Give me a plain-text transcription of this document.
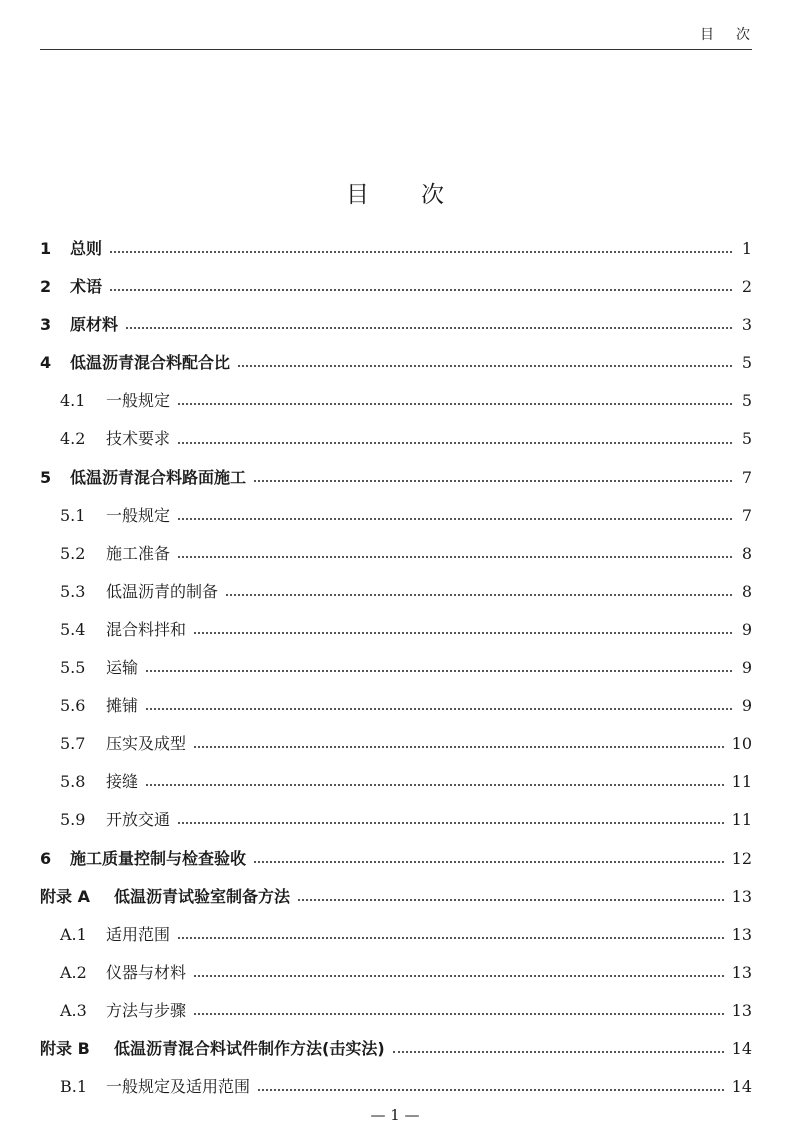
目次
目次
1	总则	1
2	术语	2
3	原材料	3
4	低温沥青混合料配合比	5
4.1	一般规定	5
4.2	技术要求	5
5	低温沥青混合料路面施工	7
5.1	一般规定	7
5.2	施工准备	8
5.3	低温沥青的制备	8
5.4	混合料拌和	9
5.5	运输	9
5.6	摊铺	9
5.7	压实及成型	10
5.8	接缝	11
5.9	开放交通	11
6	施工质量控制与检查验收	12
附录 A	低温沥青试验室制备方法	13
A.1	适用范围	13
A.2	仪器与材料	13
A.3	方法与步骤	13
附录 B	低温沥青混合料试件制作方法(击实法)	14
B.1	一般规定及适用范围	14
— 1 —
